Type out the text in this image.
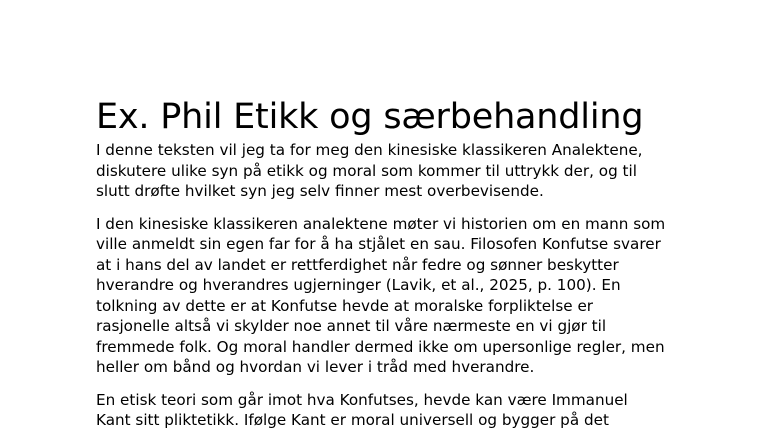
Ex. Phil Etikk og særbehandling

I denne teksten vil jeg ta for meg den kinesiske klassikeren Analektene,
diskutere ulike syn på etikk og moral som kommer til uttrykk der, og til
slutt drøfte hvilket syn jeg selv finner mest overbevisende.

I den kinesiske klassikeren analektene møter vi historien om en mann som
ville anmeldt sin egen far for å ha stjålet en sau. Filosofen Konfutse svarer
at i hans del av landet er rettferdighet når fedre og sønner beskytter
hverandre og hverandres ugjerninger (Lavik, et al., 2025, p. 100). En
tolkning av dette er at Konfutse hevde at moralske forpliktelse er
rasjonelle altså vi skylder noe annet til våre nærmeste en vi gjør til
fremmede folk. Og moral handler dermed ikke om upersonlige regler, men
heller om bånd og hvordan vi lever i tråd med hverandre.

En etisk teori som går imot hva Konfutses, hevde kan være Immanuel
Kant sitt pliktetikk. Ifølge Kant er moral universell og bygger på det
